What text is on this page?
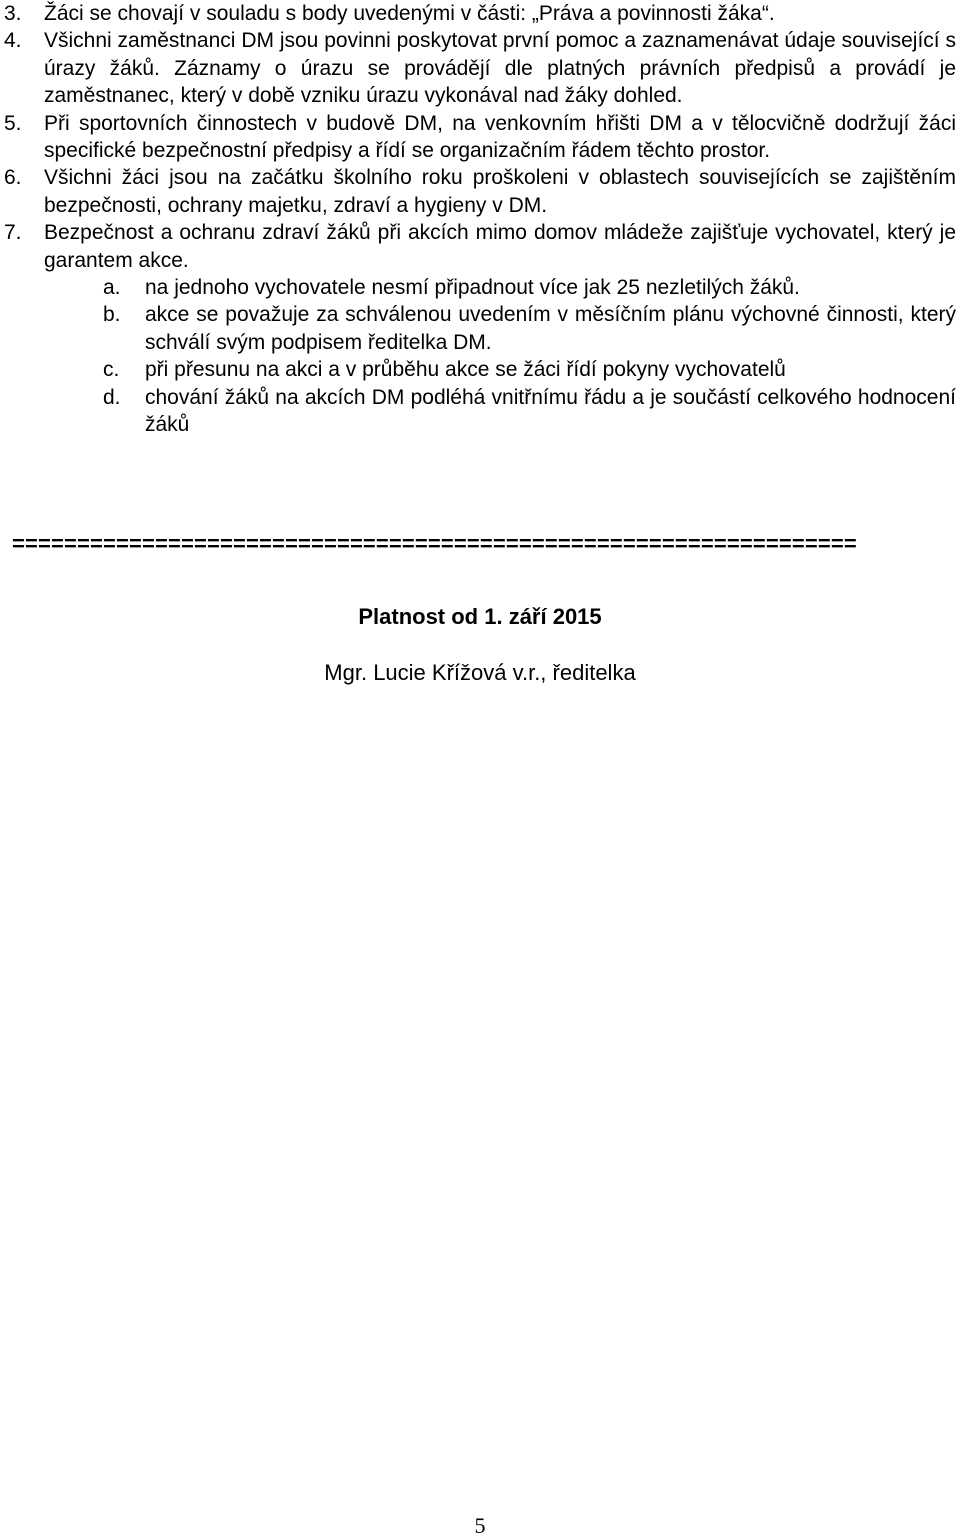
3. Žáci se chovají v souladu s body uvedenými v části: „Práva a povinnosti žáka“.
4. Všichni zaměstnanci DM jsou povinni poskytovat první pomoc a zaznamenávat údaje související s úrazy žáků. Záznamy o úrazu se provádějí dle platných právních předpisů a provádí je zaměstnanec, který v době vzniku úrazu vykonával nad žáky dohled.
5. Při sportovních činnostech v budově DM, na venkovním hřišti DM a v tělocvičně dodržují žáci specifické bezpečnostní předpisy a řídí se organizačním řádem těchto prostor.
6. Všichni žáci jsou na začátku školního roku proškoleni v oblastech souvisejících se zajištěním bezpečnosti, ochrany majetku, zdraví a hygieny v DM.
7. Bezpečnost a ochranu zdraví žáků při akcích mimo domov mládeže zajišťuje vychovatel, který je garantem akce.
a. na jednoho vychovatele nesmí připadnout více jak 25 nezletilých žáků.
b. akce se považuje za schválenou uvedením v měsíčním plánu výchovné činnosti, který schválí svým podpisem ředitelka DM.
c. při přesunu na akci a v průběhu akce se žáci řídí pokyny vychovatelů
d. chování žáků na akcích DM podléhá vnitřnímu řádu a je součástí celkového hodnocení žáků
=================================================================
Platnost od 1. září 2015
Mgr. Lucie Křížová v.r., ředitelka
5
